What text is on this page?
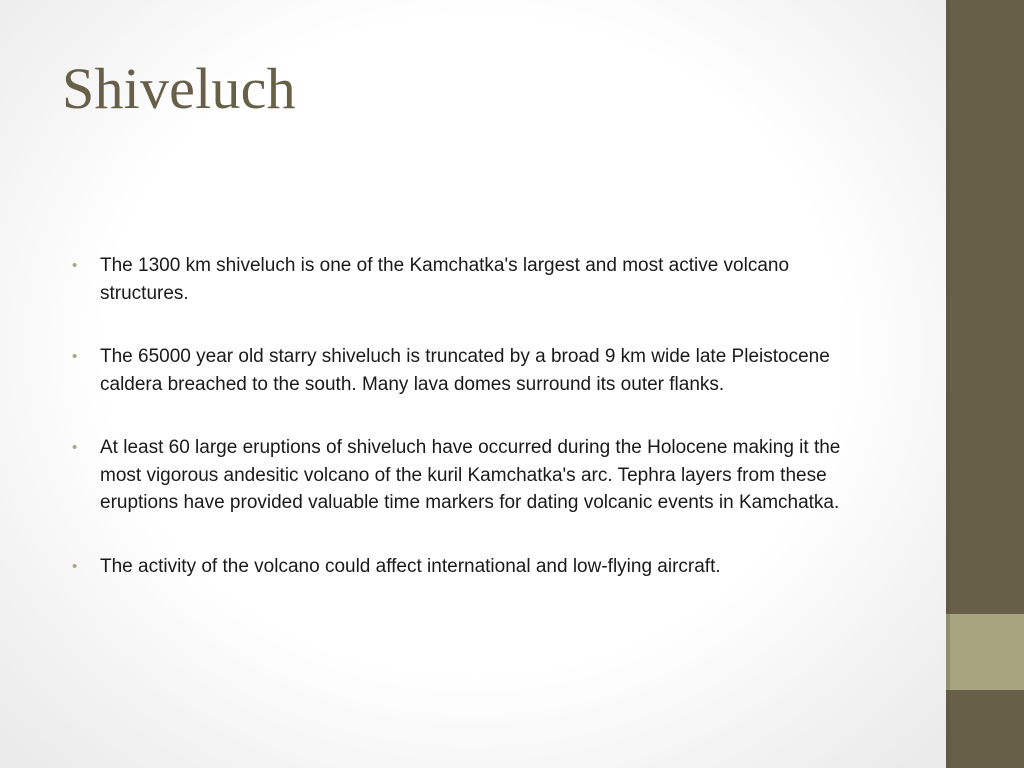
Shiveluch
• The 1300 km shiveluch is one of the Kamchatka's largest and most active volcano structures.
• The 65000 year old starry shiveluch is truncated by a broad 9 km wide late Pleistocene caldera breached to the south. Many lava domes surround its outer flanks.
• At least 60 large eruptions of shiveluch have occurred during the Holocene making it the most vigorous andesitic volcano of the kuril Kamchatka's arc. Tephra layers from these eruptions have provided valuable time markers for dating volcanic events in Kamchatka.
• The activity of the volcano could affect international and low-flying aircraft.
